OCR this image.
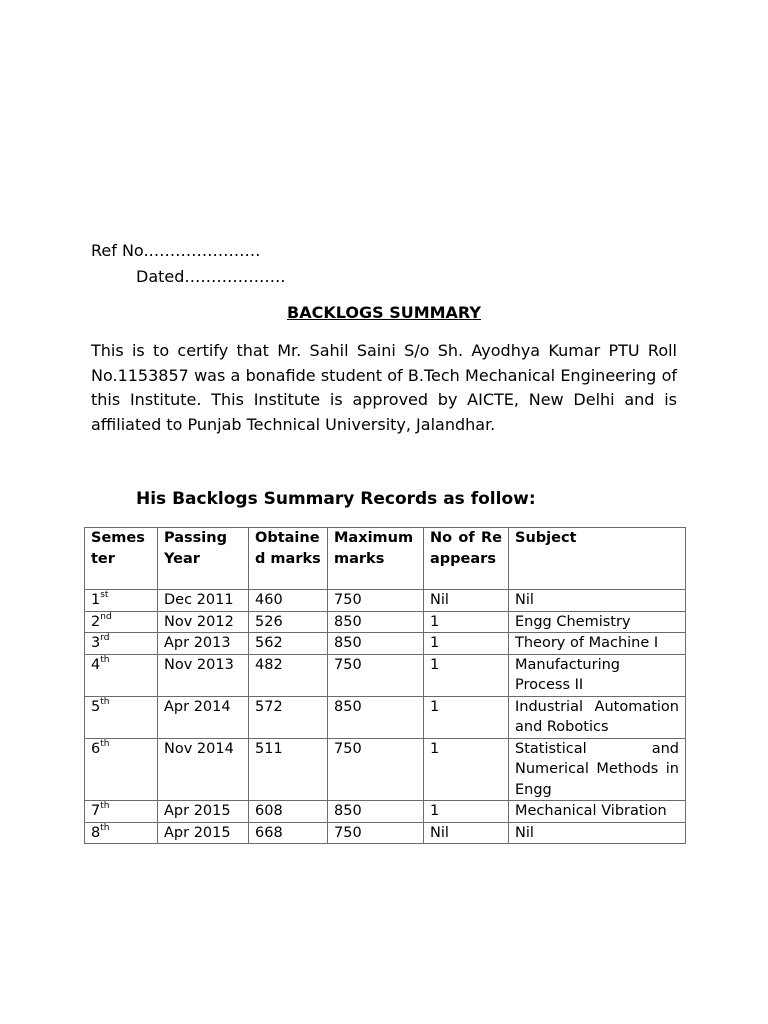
Ref No.…………………
Dated……………….
BACKLOGS SUMMARY
This is to certify that Mr. Sahil Saini S/o Sh. Ayodhya Kumar PTU Roll No.1153857 was a bonafide student of B.Tech Mechanical Engineering of this Institute. This Institute is approved by AICTE, New Delhi and is affiliated to Punjab Technical University, Jalandhar.
His Backlogs Summary Records as follow:
Semester	Passing Year	Obtained marks	Maximum marks	No of Reappears	Subject
1st	Dec 2011	460	750	Nil	Nil
2nd	Nov 2012	526	850	1	Engg Chemistry
3rd	Apr 2013	562	850	1	Theory of Machine I
4th	Nov 2013	482	750	1	Manufacturing Process II
5th	Apr 2014	572	850	1	Industrial Automation and Robotics
6th	Nov 2014	511	750	1	Statistical and Numerical Methods in Engg
7th	Apr 2015	608	850	1	Mechanical Vibration
8th	Apr 2015	668	750	Nil	Nil
